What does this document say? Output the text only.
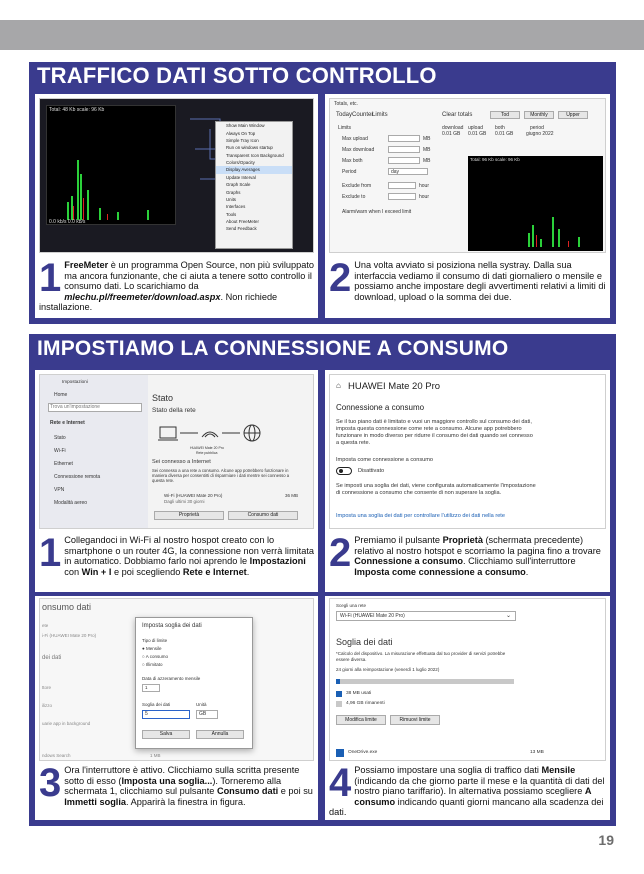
TRAFFICO DATI SOTTO CONTROLLO
Total: 48 Kb scale: 96 Kb
0.0 kb/s 0.0 kb/s
Show Main Window
Always On Top
Simple Tray Icon
Run on windows startup
Transparent Icon Background
Colors/Opacity
Display Averages
Update Interval
Graph Scale
Graphs
Units
Interfaces
Tools
About FreeMeter
Send Feedback
1 FreeMeter è un programma Open Source, non più sviluppato ma ancora funzionante, che ci aiuta a tenere sotto controllo il consumo dati. Lo scarichiamo da mlechu.pl/freemeter/download.aspx. Non richiede installazione.
Totals, etc.
Today Counter
Limits	Clear totals	Tod	Monthly	Upper
Limits	download upload both	period
0.01 GB 0.01 GB 0.01 GB	giugno 2022
Max upload	MB
Max download	MB
Max both	MB
Period	day
Exclude from	hour
Exclude to	hour
Alarm/warn when I exceed limit
Total: 96 Kb scale: 96 Kb
2 Una volta avviato si posiziona nella systray. Dalla sua interfaccia vediamo il consumo di dati giornaliero o mensile e possiamo anche impostare degli avvertimenti relativi a limiti di download, upload o la somma dei due.
IMPOSTIAMO LA CONNESSIONE A CONSUMO
Impostazioni
Home
Trova un'impostazione
Rete e Internet
Stato
Wi-Fi
Ethernet
Connessione remota
VPN
Modalità aereo
Stato
Stato della rete
HUAWEI Mate 20 Pro
Rete pubblica
Sei connesso a Internet
Sei connesso a una rete a consumo. Alcune app potrebbero funzionare in maniera diversa per consentirti di risparmiare i dati mentre sei connesso a questa rete.
Wi-Fi (HUAWEI Mate 20 Pro)
Dagli ultimi 30 giorni
36 MB
Proprietà	Consumo dati
1 Collegandoci in Wi-Fi al nostro hospot creato con lo smartphone o un router 4G, la connessione non verrà limitata in automatico. Dobbiamo farlo noi aprendo le Impostazioni con Win + I e poi scegliendo Rete e Internet.
⌂ HUAWEI Mate 20 Pro
Connessione a consumo
Se il tuo piano dati è limitato e vuoi un maggiore controllo sul consumo dei dati, imposta questa connessione come rete a consumo. Alcune app potrebbero funzionare in modo diverso per ridurre il consumo dei dati quando sei connesso a questa rete.
Imposta come connessione a consumo
Disattivato
Se imposti una soglia dei dati, viene configurata automaticamente l'impostazione di connessione a consumo che consente di non superare la soglia.
Imposta una soglia dei dati per controllare l'utilizzo dei dati nella rete
2 Premiamo il pulsante Proprietà (schermata precedente) relativo al nostro hotspot e scorriamo la pagina fino a trovare Connessione a consumo. Clicchiamo sull'interruttore Imposta come connessione a consumo.
onsumo dati
ete
i-Fi (HUAWEI Mate 20 Pro)
dei dati
ttore
ilizzo
uarie app in background
ndows Search	1 MB
Imposta soglia dei dati
Tipo di limite
● Mensile
○ A consumo
○ Illimitato
Data di azzeramento mensile
1
Soglia dei dati	Unità
5	GB
Salva	Annulla
3 Ora l'interruttore è attivo. Clicchiamo sulla scritta presente sotto di esso (Imposta una soglia...). Torneremo alla schermata 1, clicchiamo sul pulsante Consumo dati e poi su Immetti soglia. Apparirà la finestra in figura.
Scegli una rete
Wi-Fi (HUAWEI Mate 20 Pro)	⌄
Soglia dei dati
*Calcolo del dispositivo. La misurazione effettuata dal tuo provider di servizi potrebbe essere diversa.
24 giorni alla reimpostazione (venerdì 1 luglio 2022)
38 MB usati
4,96 GB rimanenti
Modifica limite	Rimuovi limite
OneDrive.exe	13 MB
4 Possiamo impostare una soglia di traffico dati Mensile (indicando da che giorno parte il mese e la quantità di dati del nostro piano tariffario). In alternativa possiamo scegliere A consumo indicando quanti giorni mancano alla scadenza dei dati.
19
